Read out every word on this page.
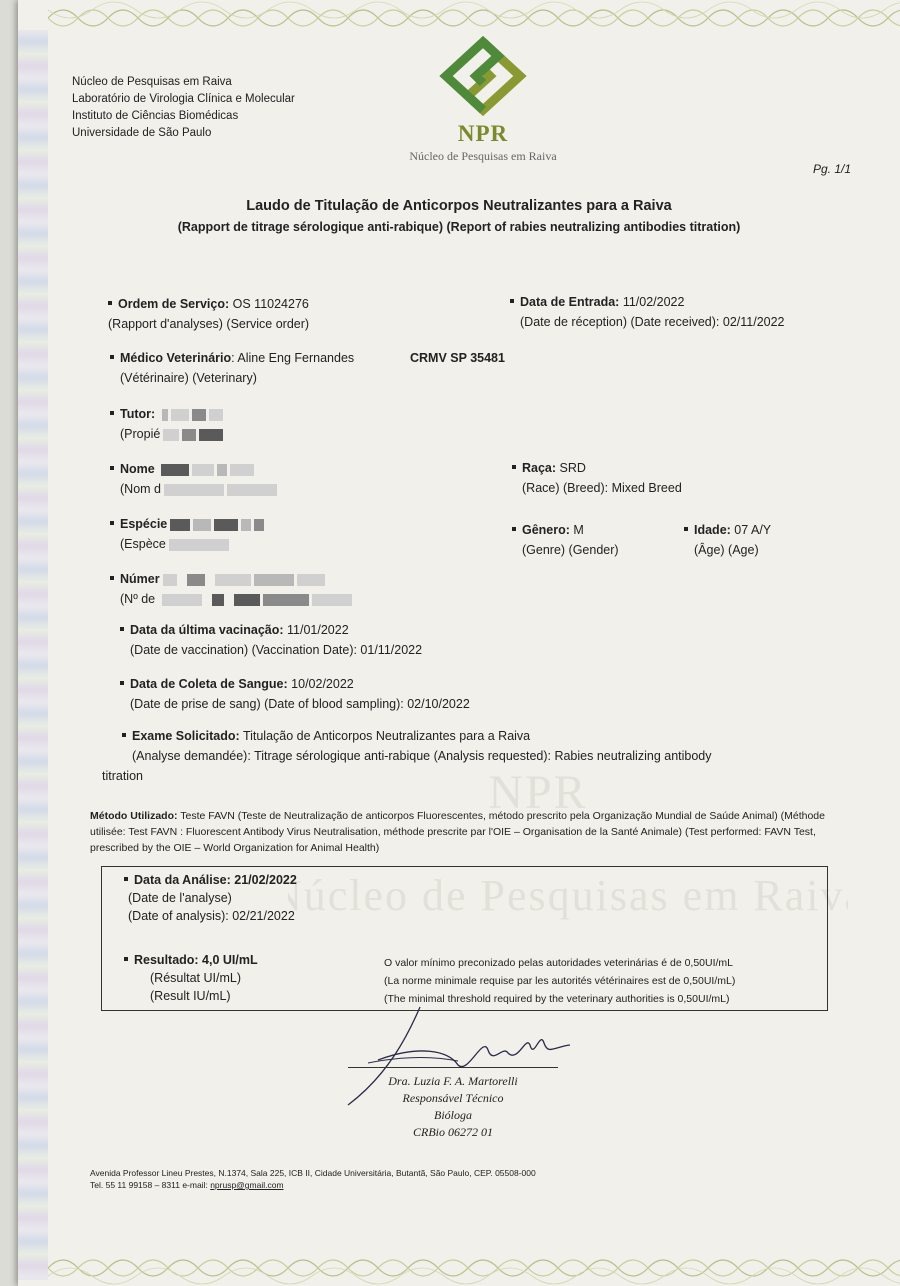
Núcleo de Pesquisas em Raiva
Laboratório de Virologia Clínica e Molecular
Instituto de Ciências Biomédicas
Universidade de São Paulo	NPR
Núcleo de Pesquisas em Raiva
Pg. 1/1
Laudo de Titulação de Anticorpos Neutralizantes para a Raiva
(Rapport de titrage sérologique anti-rabique) (Report of rabies neutralizing antibodies titration)
NPR
Núcleo de Pesquisas em Raiva
Ordem de Serviço: OS 11024276
(Rapport d'analyses) (Service order)
Data de Entrada: 11/02/2022
(Date de réception) (Date received): 02/11/2022
Médico Veterinário: Aline Eng Fernandes
(Vétérinaire) (Veterinary)
CRMV SP 35481
Tutor:
(Propié
Nome
(Nom d
Raça: SRD
(Race) (Breed): Mixed Breed
Espécie
(Espèce
Gênero: M
(Genre) (Gender)
Idade: 07 A/Y
(Âge) (Age)
Númer
(Nº de
Data da última vacinação: 11/01/2022
(Date de vaccination) (Vaccination Date): 01/11/2022
Data de Coleta de Sangue: 10/02/2022
(Date de prise de sang) (Date of blood sampling): 02/10/2022
Exame Solicitado: Titulação de Anticorpos Neutralizantes para a Raiva
(Analyse demandée): Titrage sérologique anti-rabique (Analysis requested): Rabies neutralizing antibody
titration
Método Utilizado: Teste FAVN (Teste de Neutralização de anticorpos Fluorescentes, método prescrito pela Organização Mundial de Saúde Animal) (Méthode utilisée: Test FAVN : Fluorescent Antibody Virus Neutralisation, méthode prescrite par l'OIE – Organisation de la Santé Animale) (Test performed: FAVN Test, prescribed by the OIE – World Organization for Animal Health)
Data da Análise: 21/02/2022
(Date de l'analyse)
(Date of analysis): 02/21/2022
Resultado: 4,0 UI/mL
(Résultat UI/mL)
(Result IU/mL)
O valor mínimo preconizado pelas autoridades veterinárias é de 0,50UI/mL
(La norme minimale requise par les autorités vétérinaires est de 0,50UI/mL)
(The minimal threshold required by the veterinary authorities is 0,50UI/mL)
Dra. Luzia F. A. Martorelli
Responsável Técnico
Bióloga
CRBio 06272 01
Avenida Professor Lineu Prestes, N.1374, Sala 225, ICB II, Cidade Universitária, Butantã, São Paulo, CEP. 05508-000
Tel. 55 11 99158 – 8311 e-mail: nprusp@gmail.com
